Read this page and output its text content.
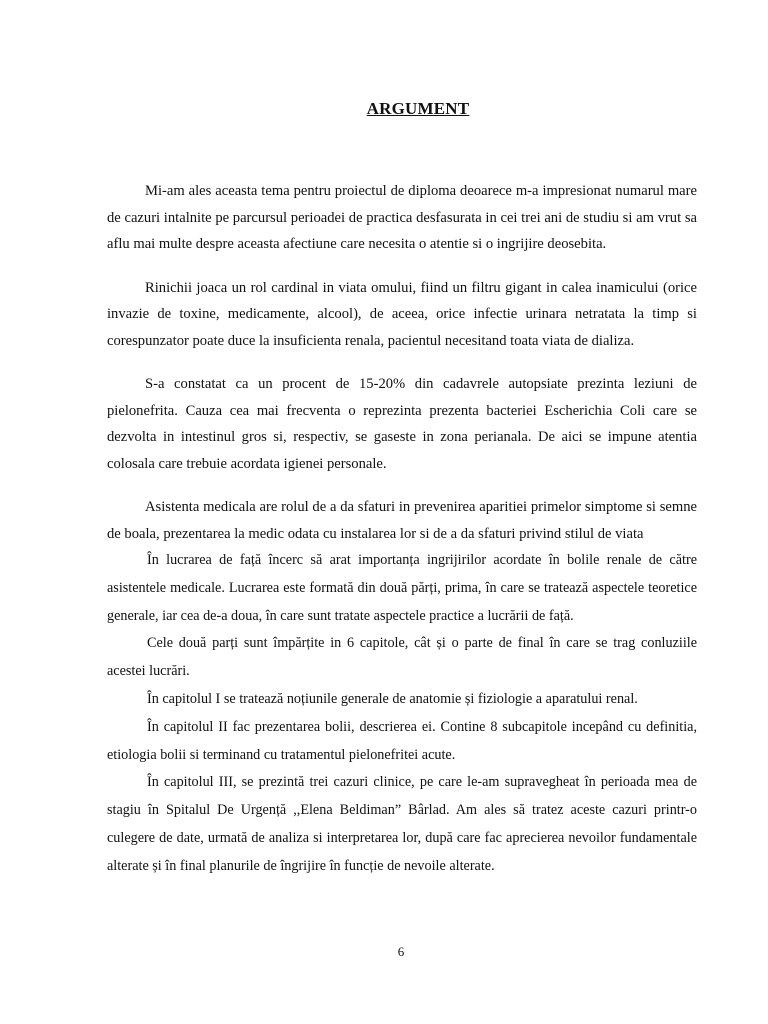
ARGUMENT

Mi-am ales aceasta tema pentru proiectul de diploma deoarece m-a impresionat numarul mare de cazuri intalnite pe parcursul perioadei de practica desfasurata in cei trei ani de studiu si am vrut sa aflu mai multe despre aceasta afectiune care necesita o atentie si o ingrijire deosebita.

Rinichii joaca un rol cardinal in viata omului, fiind un filtru gigant in calea inamicului (orice invazie de toxine, medicamente, alcool), de aceea, orice infectie urinara netratata la timp si corespunzator poate duce la insuficienta renala, pacientul necesitand toata viata de dializa.

S-a constatat ca un procent de 15-20% din cadavrele autopsiate prezinta leziuni de pielonefrita. Cauza cea mai frecventa o reprezinta prezenta bacteriei Escherichia Coli care se dezvolta in intestinul gros si, respectiv, se gaseste in zona perianala. De aici se impune atentia colosala care trebuie acordata igienei personale.

Asistenta medicala are rolul de a da sfaturi in prevenirea aparitiei primelor simptome si semne de boala, prezentarea la medic odata cu instalarea lor si de a da sfaturi privind stilul de viata

În lucrarea de față încerc să arat importanța ingrijirilor acordate în bolile renale de către asistentele medicale. Lucrarea este formată din două părți, prima, în care se tratează aspectele teoretice generale, iar cea de-a doua, în care sunt tratate aspectele practice a lucrării de față.

Cele două parți sunt împărțite in 6 capitole, cât și o parte de final în care se trag conluziile acestei lucrări.

În capitolul I se tratează noțiunile generale de anatomie și fiziologie a aparatului renal.

În capitolul II fac prezentarea bolii, descrierea ei. Contine 8 subcapitole incepând cu definitia, etiologia bolii si terminand cu tratamentul pielonefritei acute.

În capitolul III, se prezintă trei cazuri clinice, pe care le-am supravegheat în perioada mea de stagiu în Spitalul De Urgență ,,Elena Beldiman” Bârlad. Am ales să tratez aceste cazuri printr-o culegere de date, urmată de analiza si interpretarea lor, după care fac aprecierea nevoilor fundamentale alterate și în final planurile de îngrijire în funcție de nevoile alterate.

6
